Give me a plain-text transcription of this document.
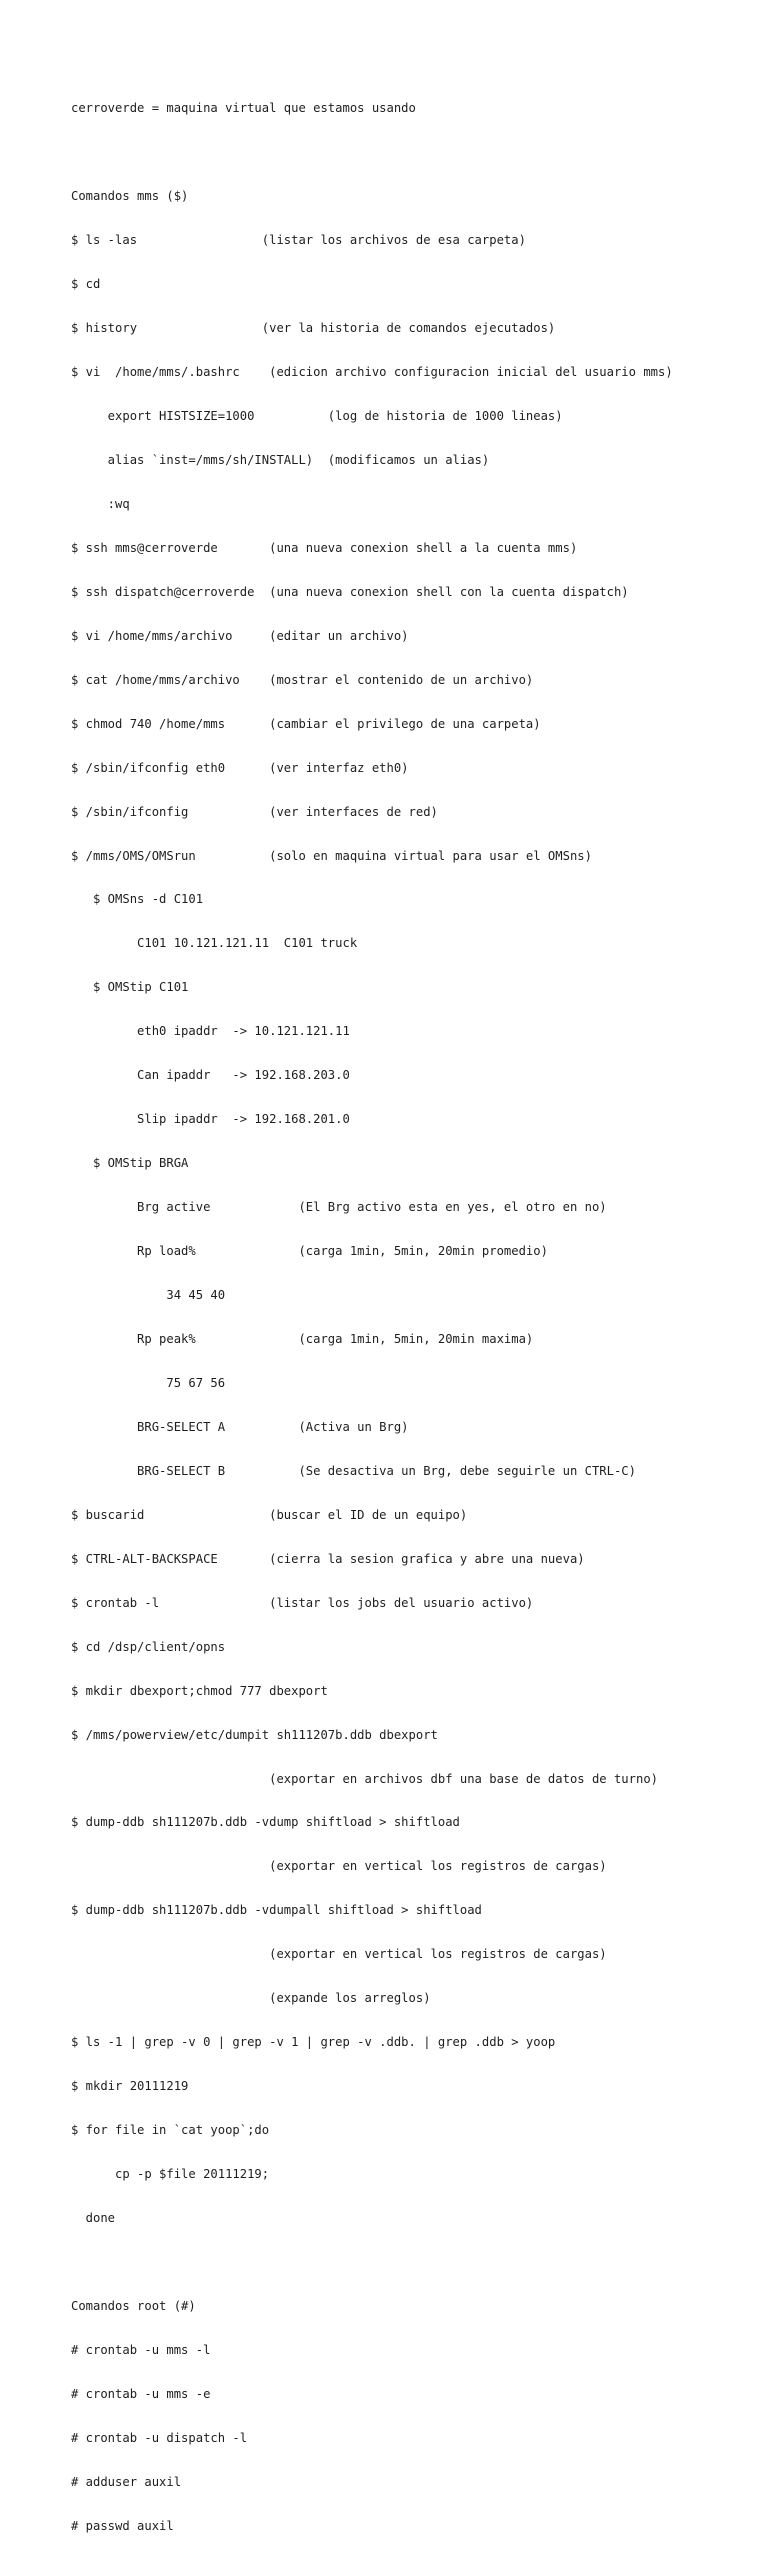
cerroverde = maquina virtual que estamos usando

Comandos mms ($)

$ ls -las                 (listar los archivos de esa carpeta)

$ cd

$ history                 (ver la historia de comandos ejecutados)

$ vi  /home/mms/.bashrc    (edicion archivo configuracion inicial del usuario mms)

export HISTSIZE=1000          (log de historia de 1000 lineas)

alias `inst=/mms/sh/INSTALL)  (modificamos un alias)

:wq

$ ssh mms@cerroverde       (una nueva conexion shell a la cuenta mms)

$ ssh dispatch@cerroverde  (una nueva conexion shell con la cuenta dispatch)

$ vi /home/mms/archivo     (editar un archivo)

$ cat /home/mms/archivo    (mostrar el contenido de un archivo)

$ chmod 740 /home/mms      (cambiar el privilego de una carpeta)

$ /sbin/ifconfig eth0      (ver interfaz eth0)

$ /sbin/ifconfig           (ver interfaces de red)

$ /mms/OMS/OMSrun          (solo en maquina virtual para usar el OMSns)

$ OMSns -d C101

C101 10.121.121.11  C101 truck

$ OMStip C101

eth0 ipaddr  -> 10.121.121.11

Can ipaddr   -> 192.168.203.0

Slip ipaddr  -> 192.168.201.0

$ OMStip BRGA

Brg active            (El Brg activo esta en yes, el otro en no)

Rp load%              (carga 1min, 5min, 20min promedio)

34 45 40

Rp peak%              (carga 1min, 5min, 20min maxima)

75 67 56

BRG-SELECT A          (Activa un Brg)

BRG-SELECT B          (Se desactiva un Brg, debe seguirle un CTRL-C)

$ buscarid                 (buscar el ID de un equipo)

$ CTRL-ALT-BACKSPACE       (cierra la sesion grafica y abre una nueva)

$ crontab -l               (listar los jobs del usuario activo)

$ cd /dsp/client/opns

$ mkdir dbexport;chmod 777 dbexport

$ /mms/powerview/etc/dumpit sh111207b.ddb dbexport

(exportar en archivos dbf una base de datos de turno)

$ dump-ddb sh111207b.ddb -vdump shiftload > shiftload

(exportar en vertical los registros de cargas)

$ dump-ddb sh111207b.ddb -vdumpall shiftload > shiftload

(exportar en vertical los registros de cargas)

(expande los arreglos)

$ ls -1 | grep -v 0 | grep -v 1 | grep -v .ddb. | grep .ddb > yoop

$ mkdir 20111219

$ for file in `cat yoop`;do

cp -p $file 20111219;

done

Comandos root (#)

# crontab -u mms -l

# crontab -u mms -e

# crontab -u dispatch -l

# adduser auxil

# passwd auxil
